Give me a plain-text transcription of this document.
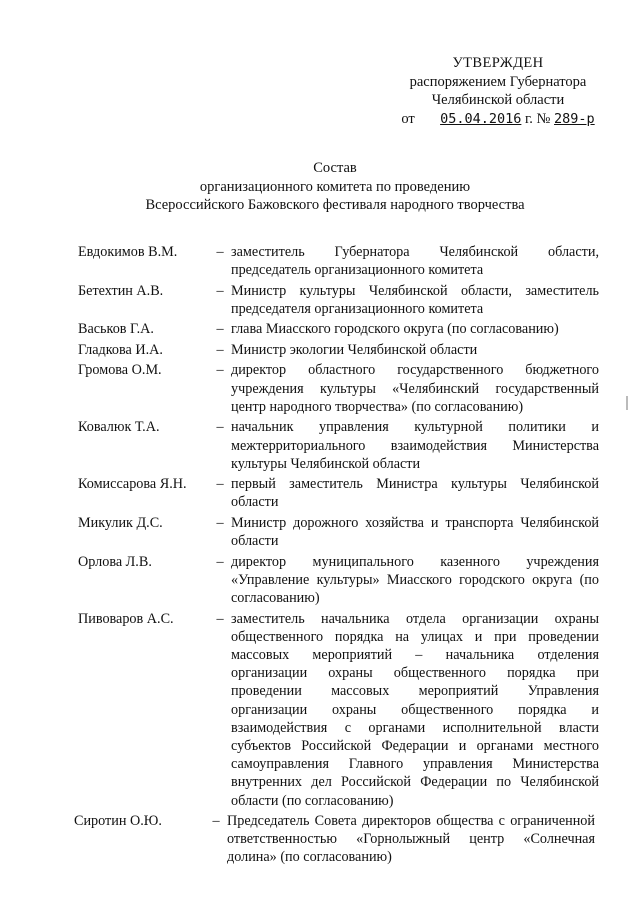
УТВЕРЖДЕН
распоряжением Губернатора
Челябинской области
от 05.04.2016 г. № 289-р
Состав
организационного комитета по проведению
Всероссийского Бажовского фестиваля народного творчества
Евдокимов В.М.	– заместитель Губернатора Челябинской области, председатель организационного комитета
Бетехтин А.В.	– Министр культуры Челябинской области, заместитель председателя организационного комитета
Васьков Г.А.	– глава Миасского городского округа (по согласованию)
Гладкова И.А.	– Министр экологии Челябинской области
Громова О.М.	– директор областного государственного бюджетного учреждения культуры «Челябинский государственный центр народного творчества» (по согласованию)
Ковалюк Т.А.	– начальник управления культурной политики и межтерриториального взаимодействия Министерства культуры Челябинской области
Комиссарова Я.Н.	– первый заместитель Министра культуры Челябинской области
Микулик Д.С.	– Министр дорожного хозяйства и транспорта Челябинской области
Орлова Л.В.	– директор муниципального казенного учреждения «Управление культуры» Миасского городского округа (по согласованию)
Пивоваров А.С.	– заместитель начальника отдела организации охраны общественного порядка на улицах и при проведении массовых мероприятий – начальника отделения организации охраны общественного порядка при проведении массовых мероприятий Управления организации охраны общественного порядка и взаимодействия с органами исполнительной власти субъектов Российской Федерации и органами местного самоуправления Главного управления Министерства внутренних дел Российской Федерации по Челябинской области (по согласованию)
Сиротин О.Ю.	– Председатель Совета директоров общества с ограниченной ответственностью «Горнолыжный центр «Солнечная долина» (по согласованию)
